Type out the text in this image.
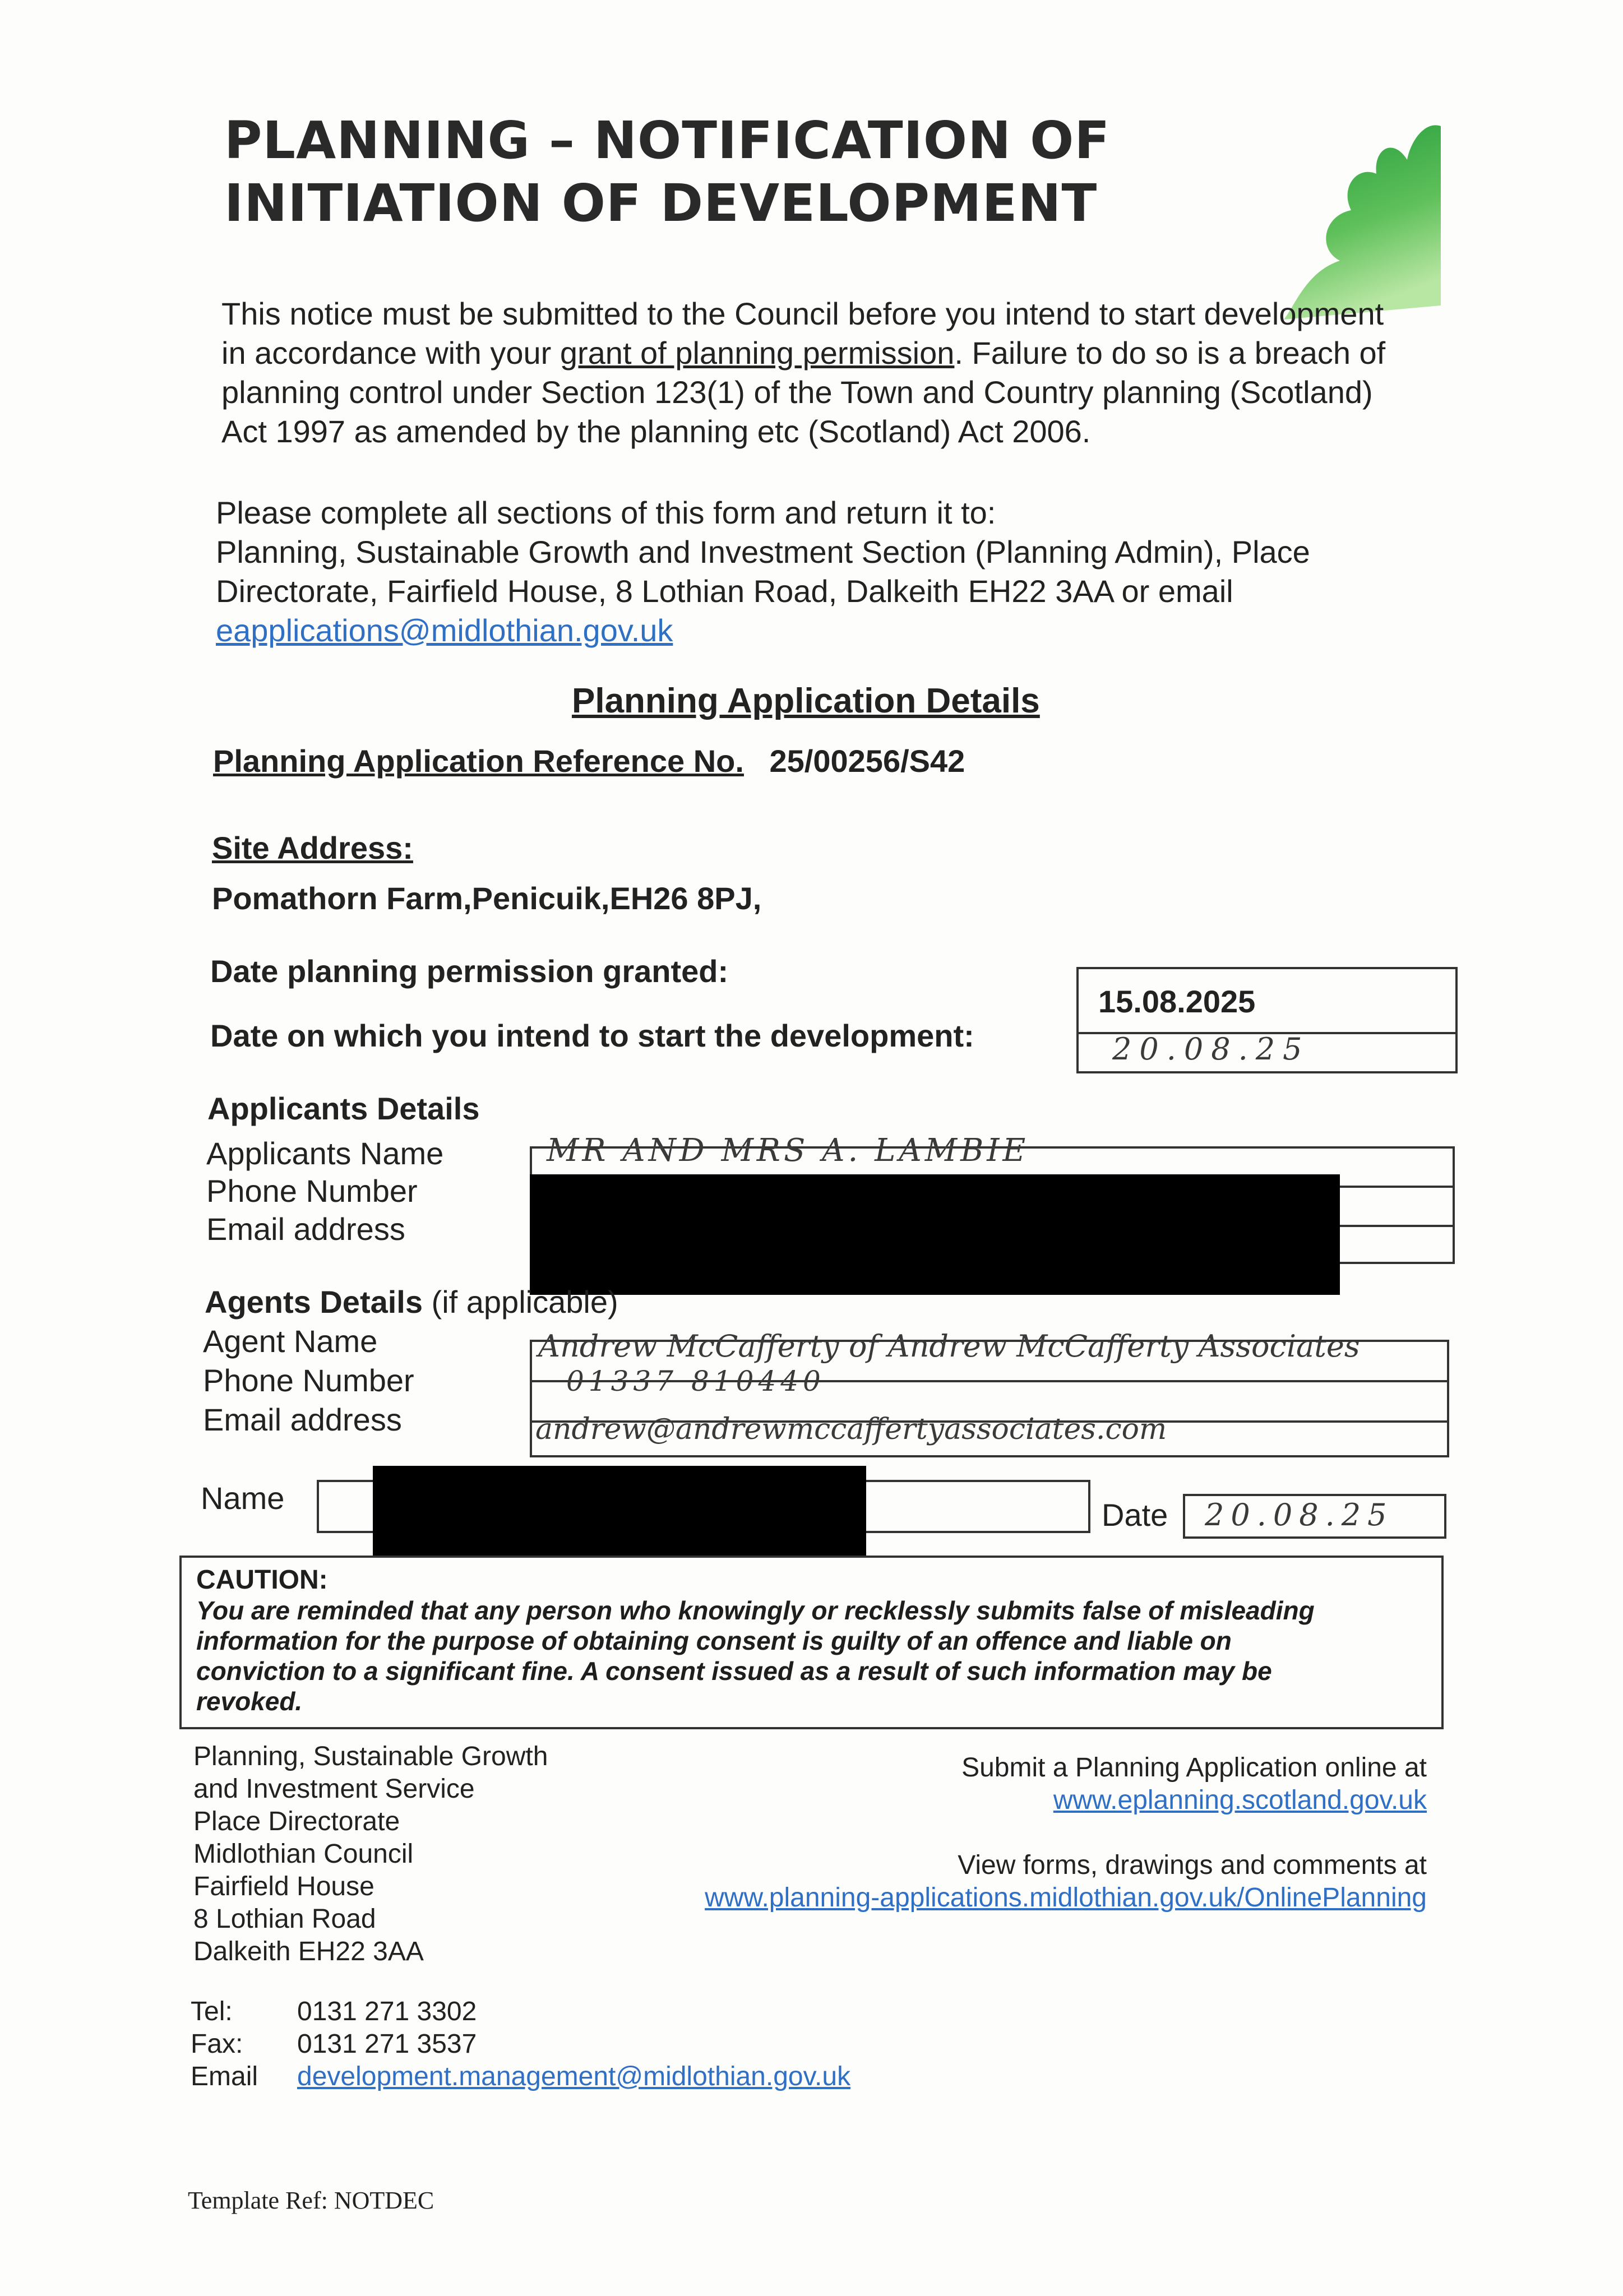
PLANNING – NOTIFICATION OF
INITIATION OF DEVELOPMENT
This notice must be submitted to the Council before you intend to start development
in accordance with your grant of planning permission. Failure to do so is a breach of
planning control under Section 123(1) of the Town and Country planning (Scotland)
Act 1997 as amended by the planning etc (Scotland) Act 2006.
Please complete all sections of this form and return it to:
Planning, Sustainable Growth and Investment Section (Planning Admin), Place
Directorate, Fairfield House, 8 Lothian Road, Dalkeith EH22 3AA or email
eapplications@midlothian.gov.uk
Planning Application Details
Planning Application Reference No. 25/00256/S42
Site Address:
Pomathorn Farm,Penicuik,EH26 8PJ,
Date planning permission granted:
Date on which you intend to start the development:
15.08.2025
20.08.25
Applicants Details
Applicants Name
Phone Number
Email address
MR AND MRS A. LAMBIE
Agents Details (if applicable)
Agent Name
Phone Number
Email address
Andrew McCafferty of Andrew McCafferty Associates
01337 810440
andrew@andrewmccaffertyassociates.com
Name	Date 20.08.25
CAUTION:
You are reminded that any person who knowingly or recklessly submits false of misleading
information for the purpose of obtaining consent is guilty of an offence and liable on
conviction to a significant fine. A consent issued as a result of such information may be
revoked.
Planning, Sustainable Growth
and Investment Service
Place Directorate
Midlothian Council
Fairfield House
8 Lothian Road
Dalkeith EH22 3AA
Submit a Planning Application online at
www.eplanning.scotland.gov.uk
View forms, drawings and comments at
www.planning-applications.midlothian.gov.uk/OnlinePlanning
Tel: 0131 271 3302
Fax: 0131 271 3537
Email development.management@midlothian.gov.uk
Template Ref: NOTDEC
